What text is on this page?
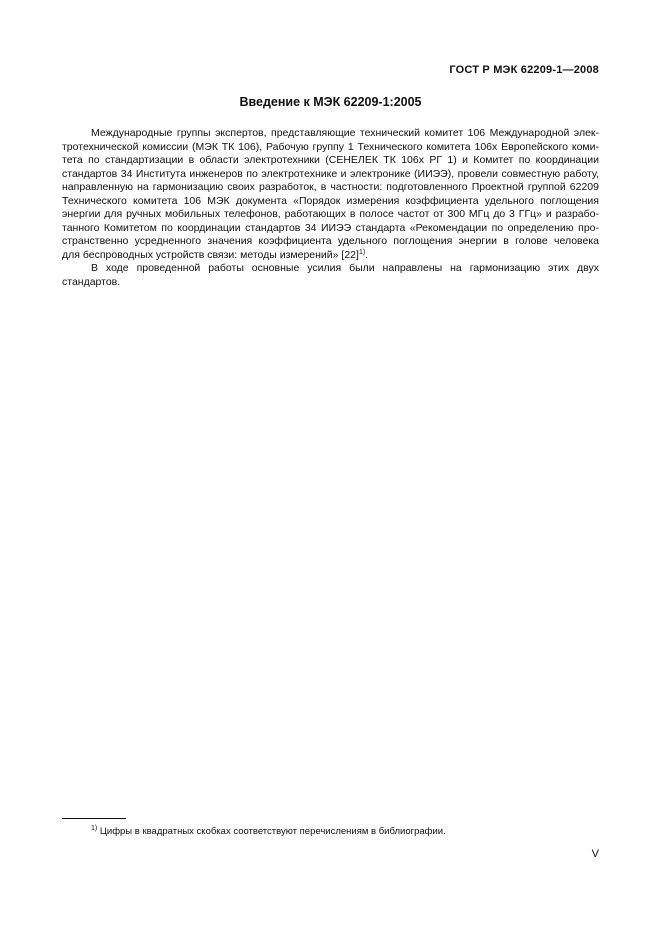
ГОСТ Р МЭК 62209-1—2008
Введение к МЭК 62209-1:2005
Международные группы экспертов, представляющие технический комитет 106 Международной элек-
тротехнической комиссии (МЭК ТК 106), Рабочую группу 1 Технического комитета 106х Европейского коми-
тета по стандартизации в области электротехники (СЕНЕЛЕК ТК 106х РГ 1) и Комитет по координации
стандартов 34 Института инженеров по электротехнике и электронике (ИИЭЭ), провели совместную работу,
направленную на гармонизацию своих разработок, в частности: подготовленного Проектной группой 62209
Технического комитета 106 МЭК документа «Порядок измерения коэффициента удельного поглощения
энергии для ручных мобильных телефонов, работающих в полосе частот от 300 МГц до 3 ГГц» и разрабо-
танного Комитетом по координации стандартов 34 ИИЭЭ стандарта «Рекомендации по определению про-
странственно усредненного значения коэффициента удельного поглощения энергии в голове человека
для беспроводных устройств связи: методы измерений» $[22]^{1)}$.
В ходе проведенной работы основные усилия были направлены на гармонизацию этих двух
стандартов.
$^{1)}$ Цифры в квадратных скобках соответствуют перечислениям в библиографии.
V
